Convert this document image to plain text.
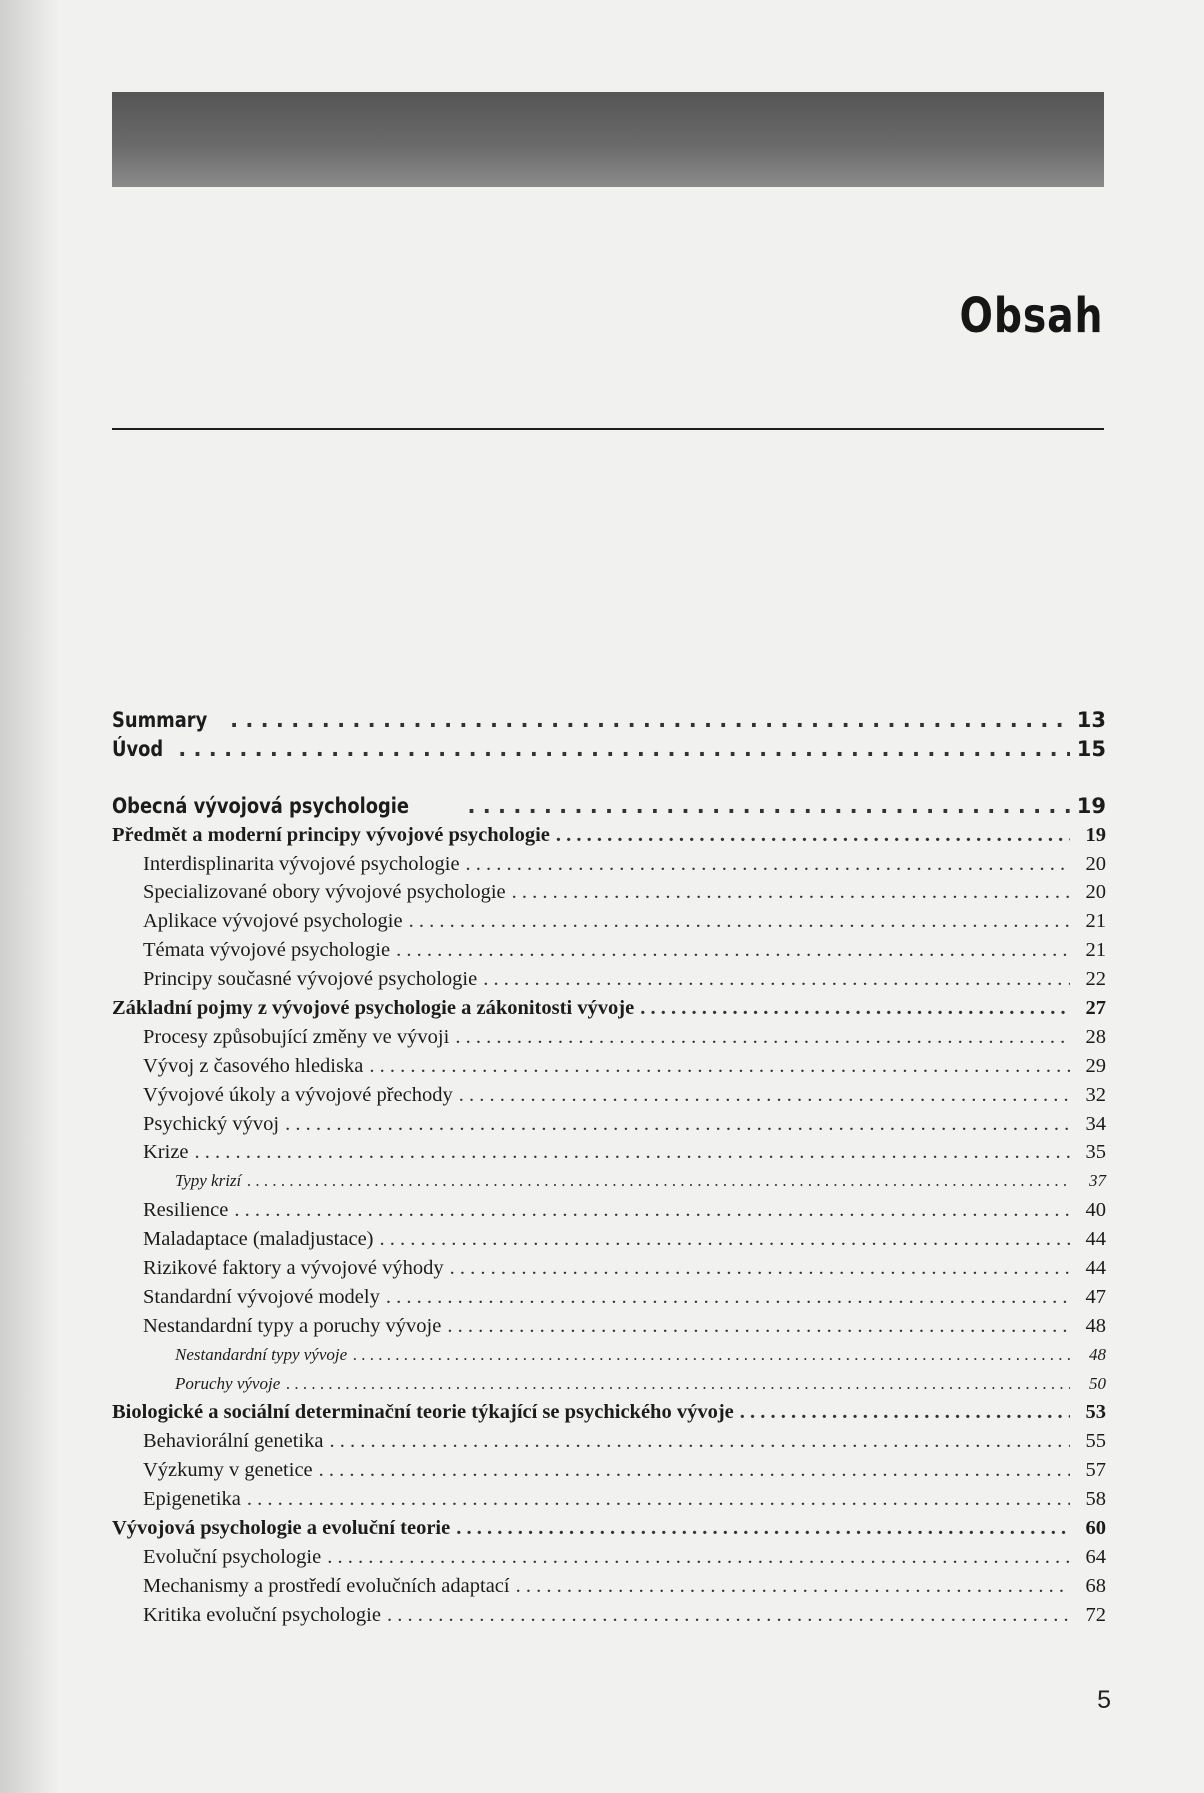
Obsah
Summary . . .	13
Úvod . . .	15
Obecná vývojová psychologie . . .	19
Předmět a moderní principy vývojové psychologie . . .	19
Interdisplinarita vývojové psychologie . . .	20
Specializované obory vývojové psychologie . . .	20
Aplikace vývojové psychologie . . .	21
Témata vývojové psychologie . . .	21
Principy současné vývojové psychologie . . .	22
Základní pojmy z vývojové psychologie a zákonitosti vývoje . . .	27
Procesy způsobující změny ve vývoji . . .	28
Vývoj z časového hlediska . . .	29
Vývojové úkoly a vývojové přechody . . .	32
Psychický vývoj . . .	34
Krize . . .	35
Typy krizí . . .	37
Resilience . . .	40
Maladaptace (maladjustace) . . .	44
Rizikové faktory a vývojové výhody . . .	44
Standardní vývojové modely . . .	47
Nestandardní typy a poruchy vývoje . . .	48
Nestandardní typy vývoje . . .	48
Poruchy vývoje . . .	50
Biologické a sociální determinační teorie týkající se psychického vývoje . . .	53
Behaviorální genetika . . .	55
Výzkumy v genetice . . .	57
Epigenetika . . .	58
Vývojová psychologie a evoluční teorie . . .	60
Evoluční psychologie . . .	64
Mechanismy a prostředí evolučních adaptací . . .	68
Kritika evoluční psychologie . . .	72
5
